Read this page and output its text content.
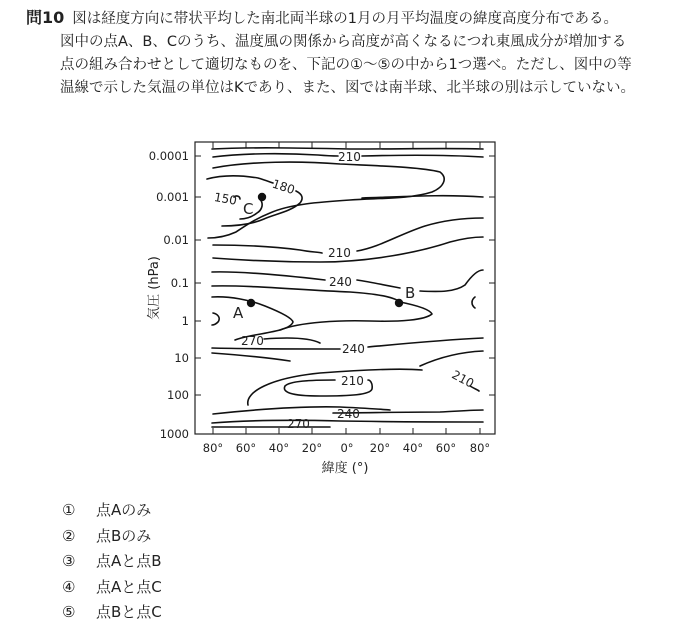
問10 図は経度方向に帯状平均した南北両半球の1月の月平均温度の緯度高度分布である。
図中の点A、B、Cのうち、温度風の関係から高度が高くなるにつれ東風成分が増加する
点の組み合わせとして適切なものを、下記の①〜⑤の中から1つ選べ。ただし、図中の等
温線で示した気温の単位はKであり、また、図では南半球、北半球の別は示していない。
0.0001
0.001
0.01
0.1
1
10
100
1000
80° 60° 40° 20° 0° 20° 40° 60° 80°
緯度 (°)
気圧 (hPa)
210
180
150
210
240
270
240
210	210
240
270
A
B
C
① 点Aのみ
② 点Bのみ
③ 点Aと点B
④ 点Aと点C
⑤ 点Bと点C
